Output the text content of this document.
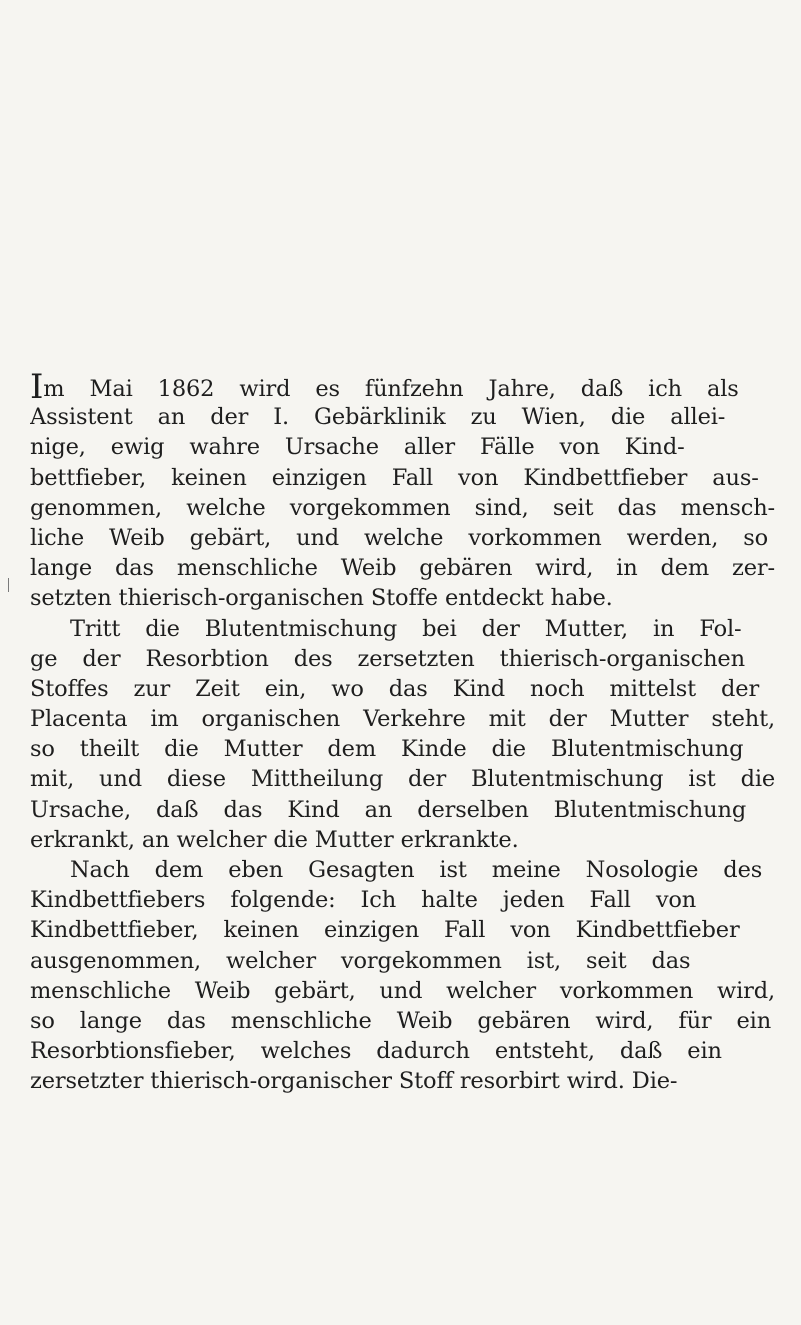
Im Mai 1862 wird es fünfzehn Jahre, daß ich als
Assistent an der I. Gebärklinik zu Wien, die allei-
nige, ewig wahre Ursache aller Fälle von Kind-
bettfieber, keinen einzigen Fall von Kindbettfieber aus-
genommen, welche vorgekommen sind, seit das mensch-
liche Weib gebärt, und welche vorkommen werden, so
lange das menschliche Weib gebären wird, in dem zer-
setzten thierisch-organischen Stoffe entdeckt habe.
Tritt die Blutentmischung bei der Mutter, in Fol-
ge der Resorbtion des zersetzten thierisch-organischen
Stoffes zur Zeit ein, wo das Kind noch mittelst der
Placenta im organischen Verkehre mit der Mutter steht,
so theilt die Mutter dem Kinde die Blutentmischung
mit, und diese Mittheilung der Blutentmischung ist die
Ursache, daß das Kind an derselben Blutentmischung
erkrankt, an welcher die Mutter erkrankte.
Nach dem eben Gesagten ist meine Nosologie des
Kindbettfiebers folgende: Ich halte jeden Fall von
Kindbettfieber, keinen einzigen Fall von Kindbettfieber
ausgenommen, welcher vorgekommen ist, seit das
menschliche Weib gebärt, und welcher vorkommen wird,
so lange das menschliche Weib gebären wird, für ein
Resorbtionsfieber, welches dadurch entsteht, daß ein
zersetzter thierisch-organischer Stoff resorbirt wird. Die-
